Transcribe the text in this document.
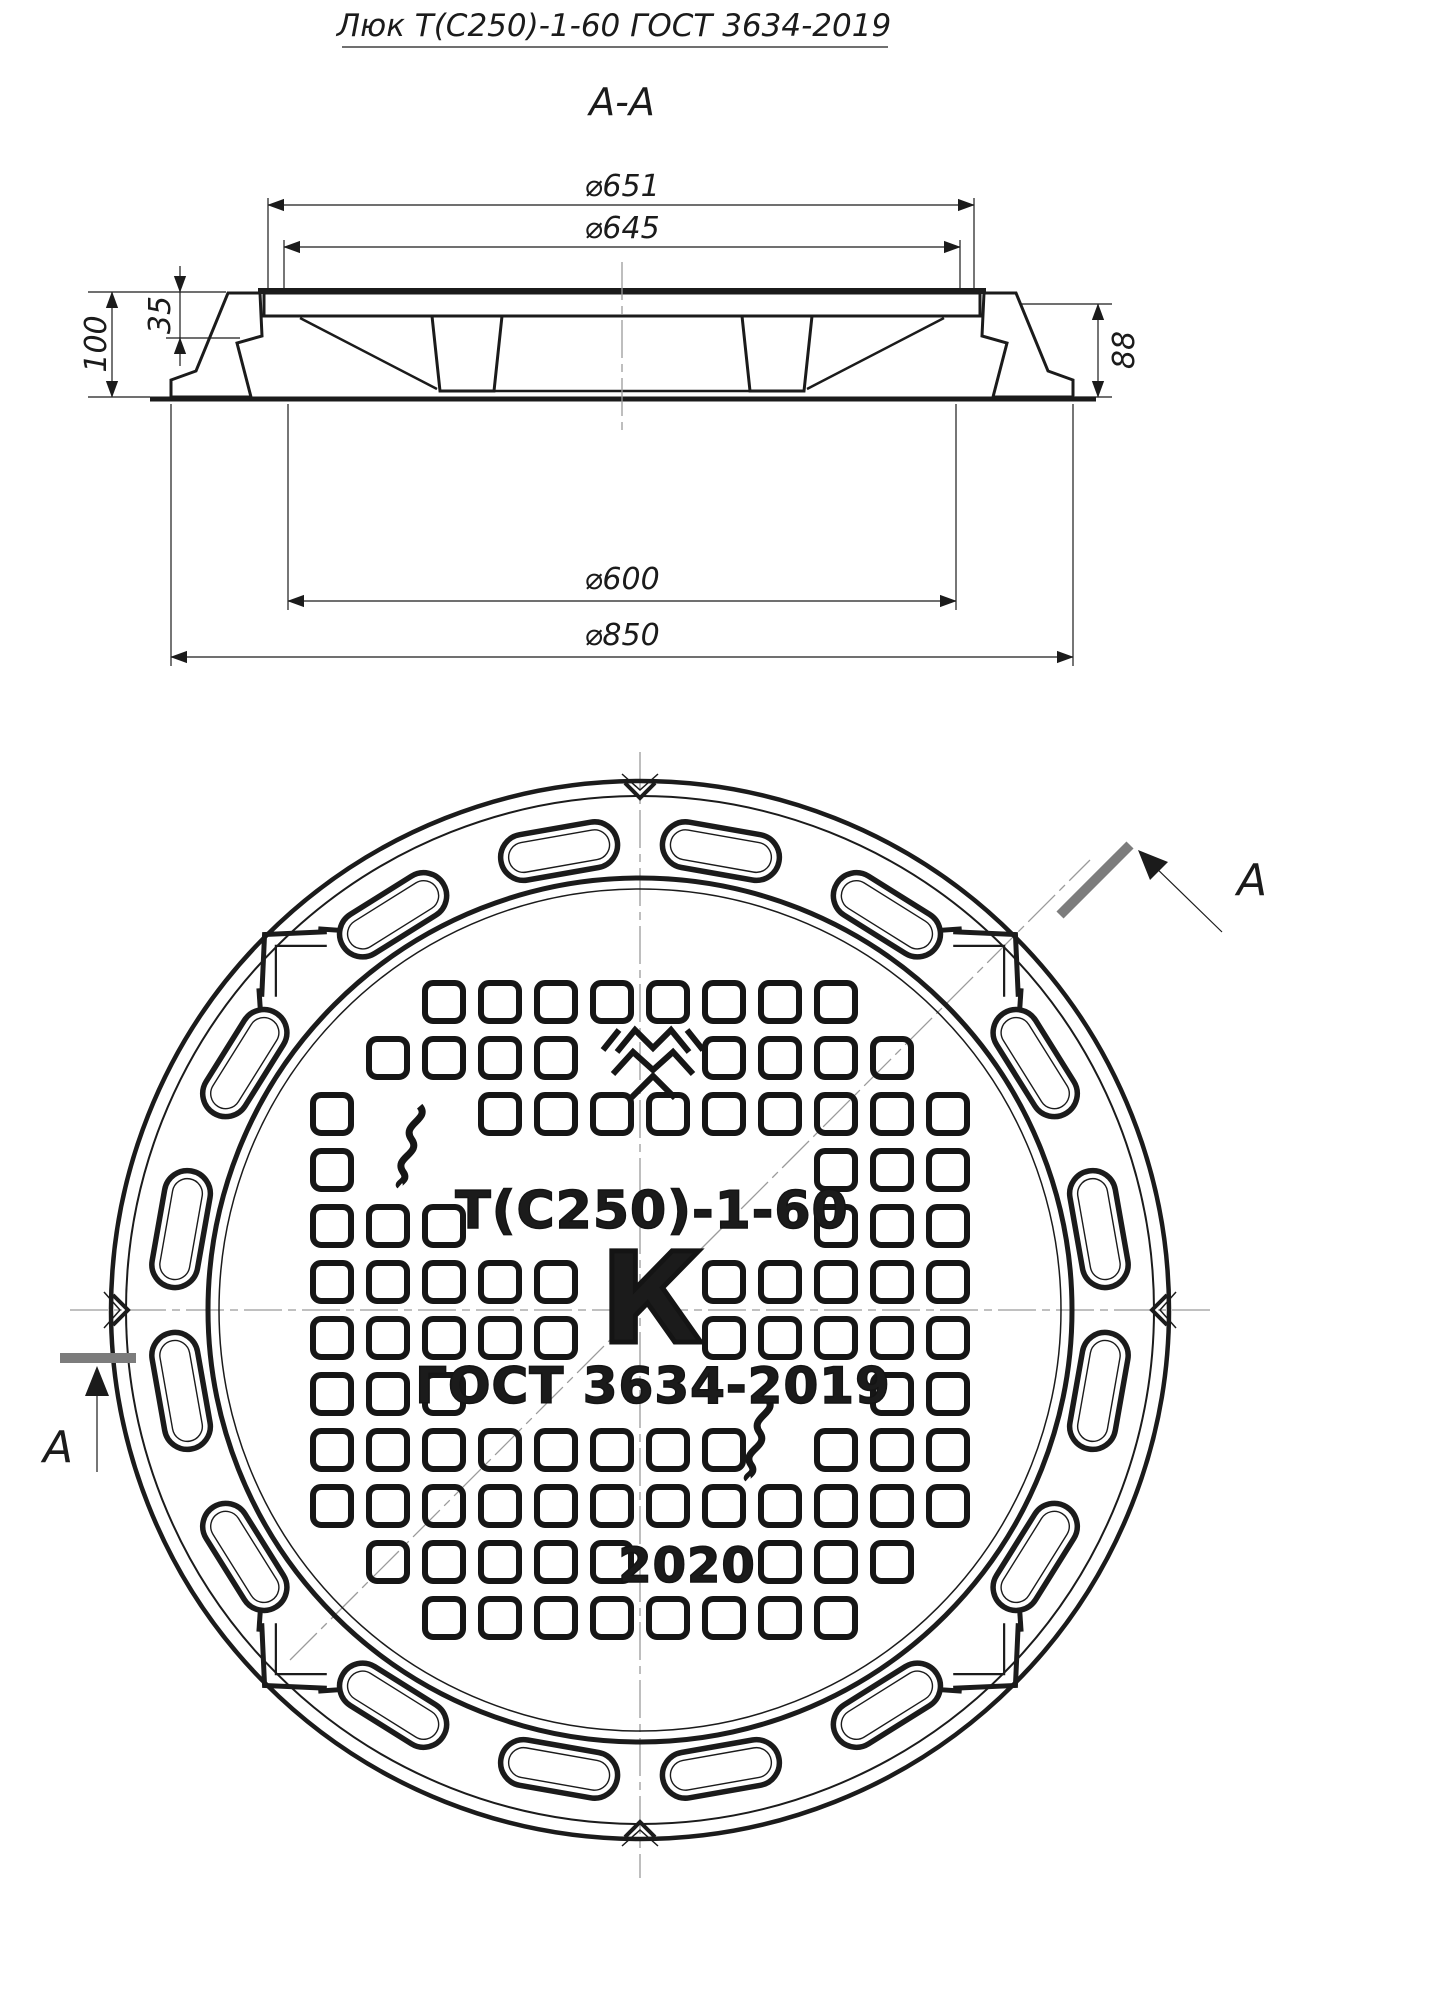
Люк Т(С250)-1-60 ГОСТ 3634-2019
А-А
⌀651
⌀645
100
35
88
⌀600
⌀850
Т(С250)-1-60
К
ГОСТ 3634-2019
2020
А
А
